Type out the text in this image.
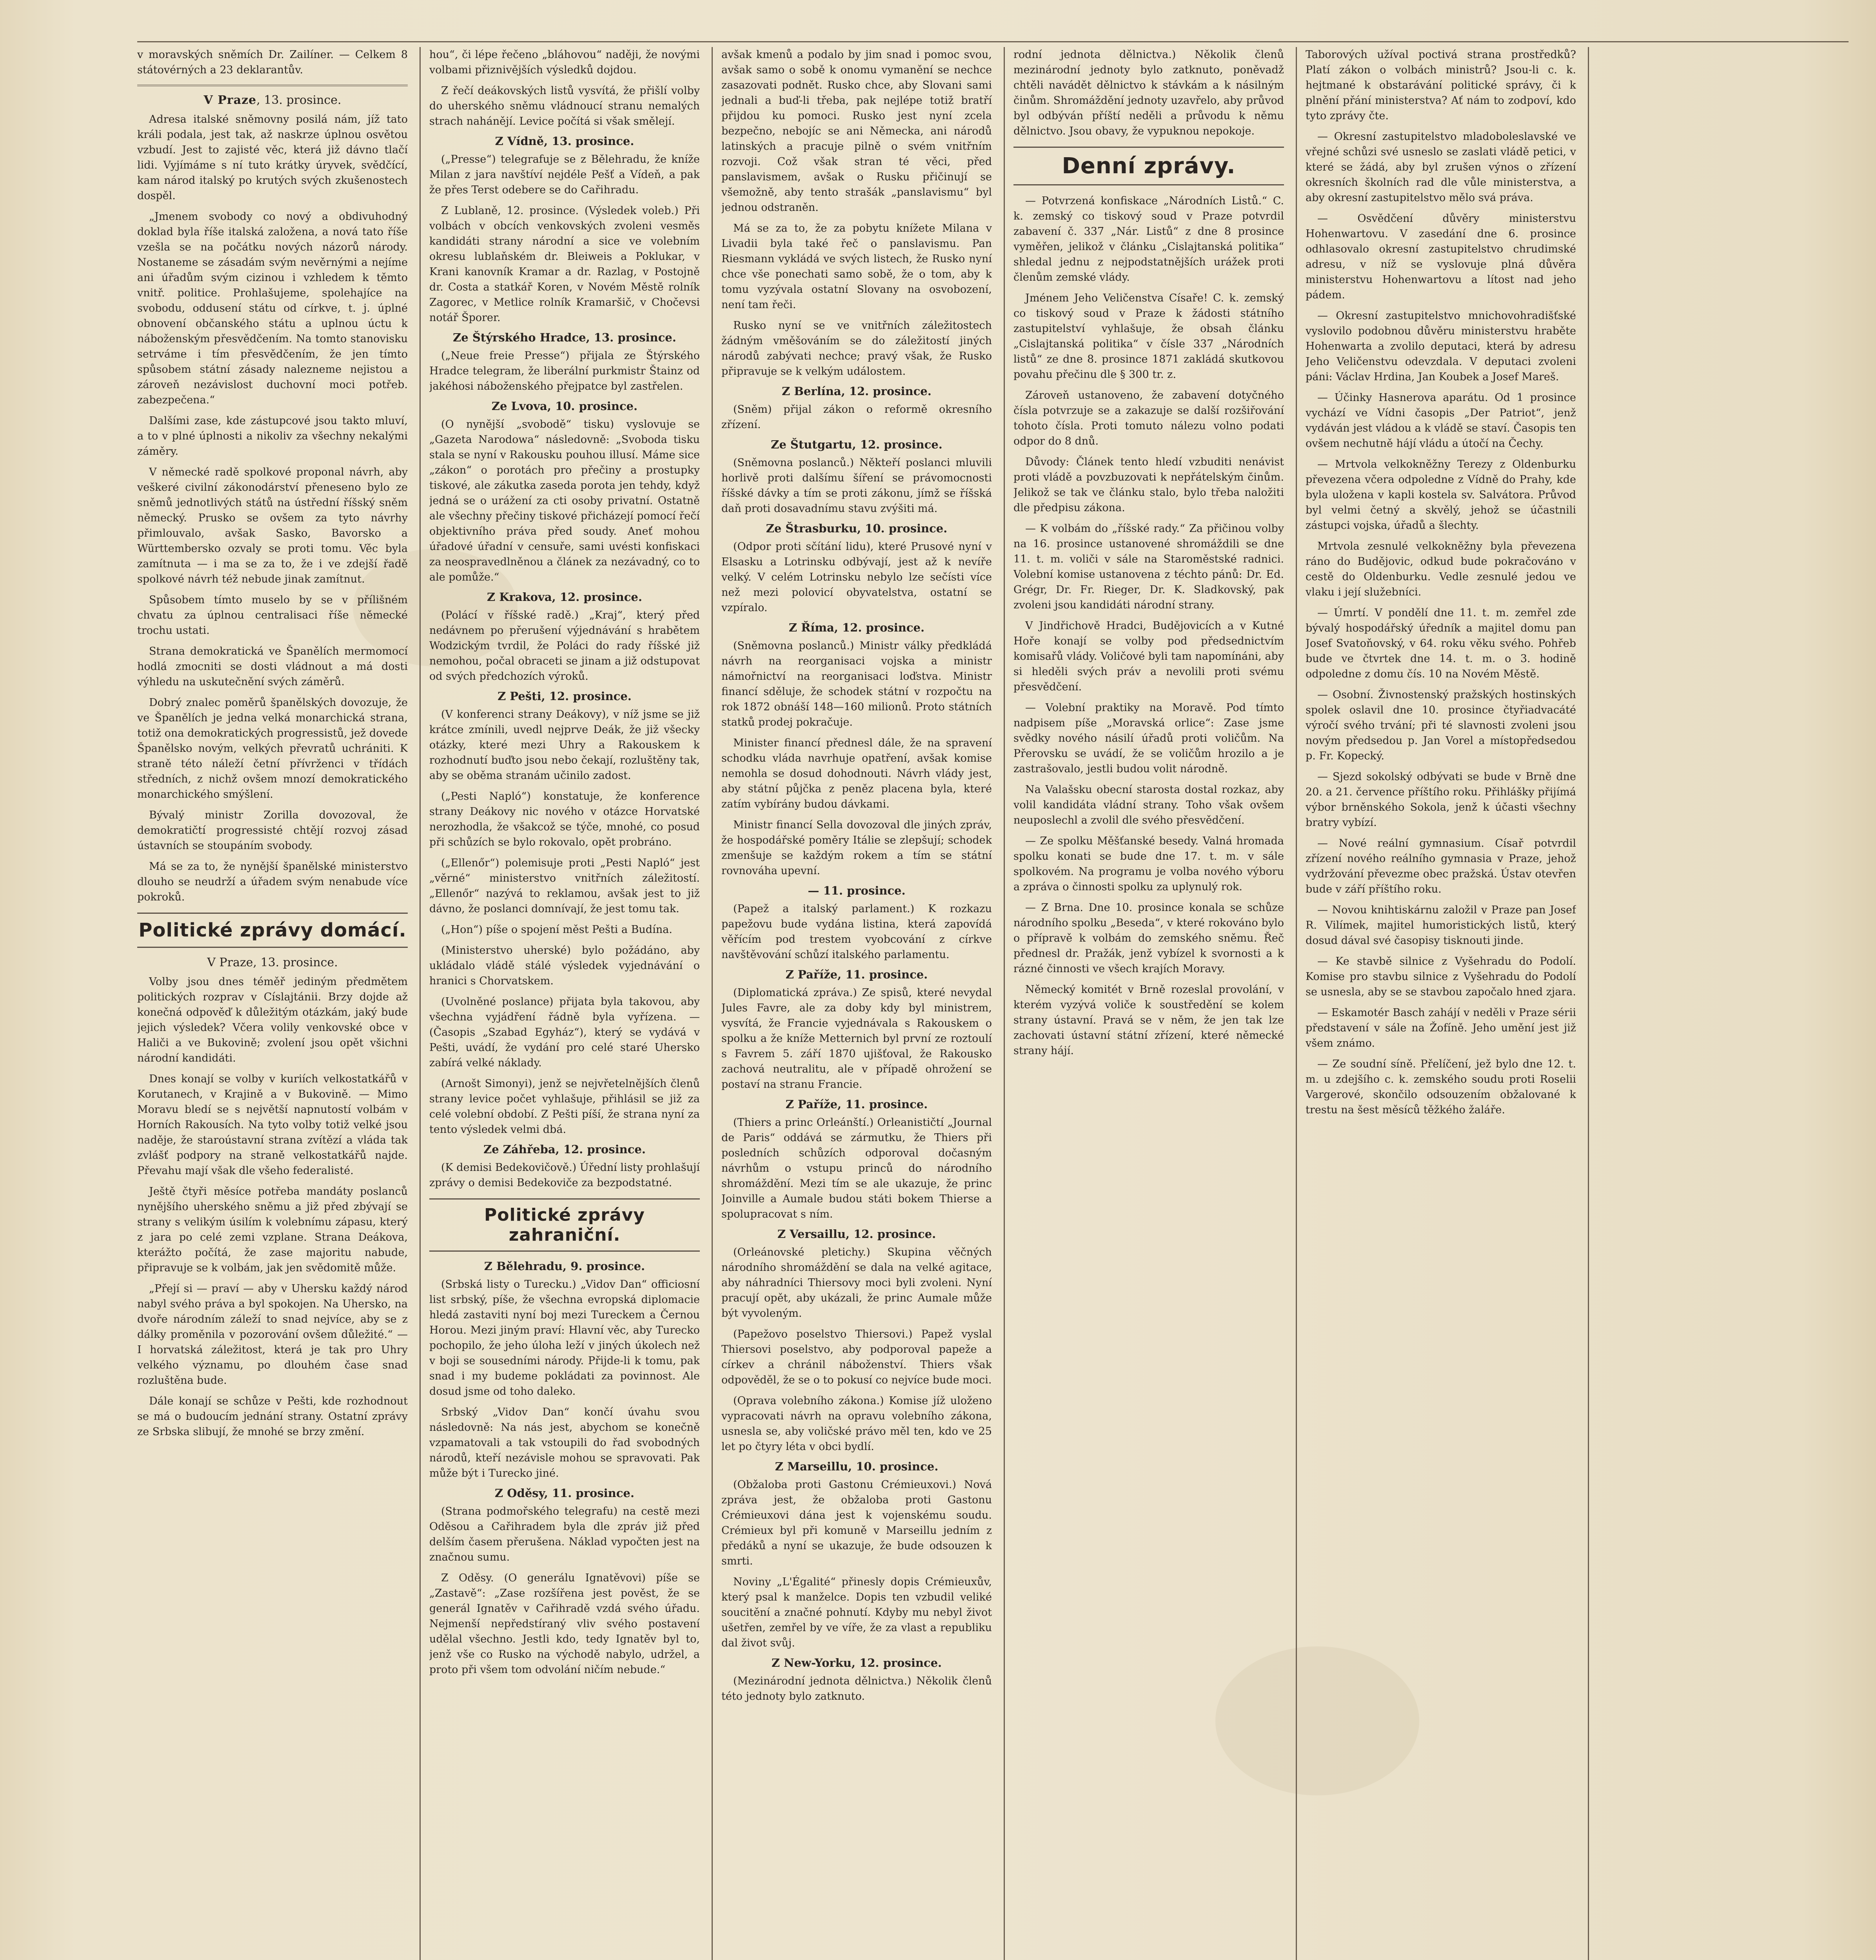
v moravských sněmích Dr. Zailíner. — Celkem 8 státovérných a 23 deklarantův.

V Praze, 13. prosince.

Adresa italské sněmovny posilá nám, jíž tato králi podala, jest tak, až naskrze úplnou osvětou vzbudí. Jest to zajisté věc, která již dávno tlačí lidi. Vyjímáme s ní tuto krátky úryvek, svědčící, kam národ italský po krutých svých zkušenostech dospěl.

„Jmenem svobody co nový a obdivuhodný doklad byla říše italská založena, a nová tato říše vzešla se na počátku nových názorů národy. Nostaneme se zásadám svým nevěrnými a nejíme ani úřadům svým cizinou i vzhledem k těmto vnitř. politice. Prohlašujeme, spolehajíce na svobodu, oddusení státu od církve, t. j. úplné obnovení občanského státu a uplnou úctu k náboženským přesvědčením. Na tomto stanovisku setrváme i tím přesvědčením, že jen tímto spůsobem státní zásady nalezneme nejistou a zároveň nezávislost duchovní moci potřeb. zabezpečena.“

Dalšími zase, kde zástupcové jsou takto mluví, a to v plné úplnosti a nikoliv za všechny nekalými záměry.

V německé radě spolkové proponal návrh, aby veškeré civilní zákonodárství přeneseno bylo ze sněmů jednotlivých států na ústřední říšský sněm německý. Prusko se ovšem za tyto návrhy přimlouvalo, avšak Sasko, Bavorsko a Württembersko ozvaly se proti tomu. Věc byla zamítnuta — i ma se za to, že i ve zdejší řadě spolkové návrh též nebude jinak zamítnut.

Spůsobem tímto muselo by se v přílišném chvatu za úplnou centralisaci říše německé trochu ustati.

Strana demokratická ve Španělích mermomocí hodlá zmocniti se dosti vládnout a má dosti výhledu na uskutečnění svých záměrů.

Dobrý znalec poměrů španělských dovozuje, že ve Španělích je jedna velká monarchická strana, totiž ona demokratických progressistů, jež dovede Španělsko novým, velkých převratů uchrániti. K straně této náleží četní přívrženci v třídách středních, z nichž ovšem mnozí demokratického monarchického smýšlení.

Bývalý ministr Zorilla dovozoval, že demokratičtí progressisté chtějí rozvoj zásad ústavních se stoupáním svobody.

Má se za to, že nynější španělské ministerstvo dlouho se neudrží a úřadem svým nenabude více pokroků.

Politické zprávy domácí.
V Praze, 13. prosince.

Volby jsou dnes téměř jediným předmětem politických rozprav v Císlajtánii. Brzy dojde až konečná odpověď k důležitým otázkám, jaký bude jejich výsledek? Včera volily venkovské obce v Haliči a ve Bukovině; zvolení jsou opět všichni národní kandidáti.

Dnes konají se volby v kuriích velkostatkářů v Korutanech, v Krajině a v Bukovině. — Mimo Moravu bledí se s největší napnutostí volbám v Horních Rakousích. Na tyto volby totiž velké jsou naděje, že staroústavní strana zvítězí a vláda tak zvlášť podpory na straně velkostatkářů najde. Převahu mají však dle všeho federalisté.

Ještě čtyři měsíce potřeba mandáty poslanců nynějšího uherského sněmu a již před zbývají se strany s velikým úsilím k volebnímu zápasu, který z jara po celé zemi vzplane. Strana Deákova, kterážto počítá, že zase majoritu nabude, připravuje se k volbám, jak jen svědomitě může.

„Přejí si — praví — aby v Uhersku každý národ nabyl svého práva a byl spokojen. Na Uhersko, na dvoře národním záleží to snad nejvíce, aby se z dálky proměnila v pozorování ovšem důležité.“ — I horvatská záležitost, která je tak pro Uhry velkého významu, po dlouhém čase snad rozluštěna bude.

Dále konají se schůze v Pešti, kde rozhodnout se má o budoucím jednání strany. Ostatní zprávy ze Srbska slibují, že mnohé se brzy změní.

hou“, či lépe řečeno „bláhovou“ naději, že novými volbami přiznivějších výsledků dojdou.

Z řečí deákovských listů vysvítá, že přišlí volby do uherského sněmu vládnoucí stranu nemalých strach nahánějí. Levice počítá si však smělejí.

Z Vídně, 13. prosince.

(„Presse“) telegrafuje se z Bělehradu, že kníže Milan z jara navštíví nejdéle Pešť a Vídeň, a pak že přes Terst odebere se do Cařihradu.

Z Lublaně, 12. prosince. (Výsledek voleb.) Při volbách v obcích venkovských zvoleni vesměs kandidáti strany národní a sice ve volebním okresu lublaňském dr. Bleiweis a Poklukar, v Krani kanovník Kramar a dr. Razlag, v Postojně dr. Costa a statkář Koren, v Novém Městě rolník Zagorec, v Metlice rolník Kramaršič, v Chočevsi notář Šporer.

Ze Štýrského Hradce, 13. prosince.

(„Neue freie Presse“) přijala ze Štýrského Hradce telegram, že liberální purkmistr Štainz od jakéhosi náboženského přejpatce byl zastřelen.

Ze Lvova, 10. prosince.

(O nynější „svobodě“ tisku) vyslovuje se „Gazeta Narodowa“ následovně: „Svoboda tisku stala se nyní v Rakousku pouhou illusí. Máme sice „zákon“ o porotách pro přečiny a prostupky tiskové, ale zákutka zaseda porota jen tehdy, když jedná se o urážení za cti osoby privatní. Ostatně ale všechny přečiny tiskové přicházejí pomocí řečí objektivního práva před soudy. Aneť mohou úřadové úřadní v censuře, sami uvésti konfiskaci za neospravedlněnou a článek za nezávadný, co to ale pomůže.“

Z Krakova, 12. prosince.

(Polácí v říšské radě.) „Kraj“, který před nedávnem po přerušení výjednávání s hrabětem Wodzickým tvrdil, že Poláci do rady říšské již nemohou, počal obraceti se jinam a již odstupovat od svých předchozích výroků.

Z Pešti, 12. prosince.

(V konferenci strany Deákovy), v níž jsme se již krátce zmínili, uvedl nejprve Deák, že již všecky otázky, které mezi Uhry a Rakouskem k rozhodnutí buďto jsou nebo čekají, rozluštěny tak, aby se oběma stranám učinilo zadost.

(„Pesti Napló“) konstatuje, že konference strany Deákovy nic nového v otázce Horvatské nerozhodla, že všakcož se týče, mnohé, co posud při schůzích se bylo rokovalo, opět probráno.

(„Ellenőr“) polemisuje proti „Pesti Napló“ jest „věrné“ ministerstvo vnitřních záležitostí. „Ellenőr“ nazývá to reklamou, avšak jest to již dávno, že poslanci domnívají, že jest tomu tak.

(„Hon“) píše o spojení měst Pešti a Budína.

(Ministerstvo uherské) bylo požádáno, aby ukládalo vládě stálé výsledek vyjednávání o hranici s Chorvatskem.

(Uvolněné poslance) přijata byla takovou, aby všechna vyjádření řádně byla vyřízena. — (Časopis „Szabad Egyház“), který se vydává v Pešti, uvádí, že vydání pro celé staré Uhersko zabírá velké náklady.

(Arnošt Simonyi), jenž se nejvřetelnějších členů strany levice počet vyhlašuje, přihlásil se již za celé volební období. Z Pešti píší, že strana nyní za tento výsledek velmi dbá.

Ze Záhřeba, 12. prosince.

(K demisi Bedekovičově.) Úřední listy prohlašují zprávy o demisi Bedekoviče za bezpodstatné.

Politické zprávy zahraniční.
Z Bělehradu, 9. prosince.

(Srbská listy o Turecku.) „Vidov Dan“ officiosní list srbský, píše, že všechna evropská diplomacie hledá zastaviti nyní boj mezi Tureckem a Černou Horou. Mezi jiným praví: Hlavní věc, aby Turecko pochopilo, že jeho úloha leží v jiných úkolech než v boji se sousedními národy. Přijde-li k tomu, pak snad i my budeme pokládati za povinnost. Ale dosud jsme od toho daleko.

Srbský „Vidov Dan“ končí úvahu svou následovně: Na nás jest, abychom se konečně vzpamatovali a tak vstoupili do řad svobodných národů, kteří nezávisle mohou se spravovati. Pak může být i Turecko jiné.

Z Oděsy, 11. prosince.

(Strana podmořského telegrafu) na cestě mezi Oděsou a Cařihradem byla dle zpráv již před delším časem přerušena. Náklad vypočten jest na značnou sumu.

Z Oděsy. (O generálu Ignatěvovi) píše se „Zastavě“: „Zase rozšířena jest pověst, že se generál Ignatěv v Cařihradě vzdá svého úřadu. Nejmenší nepředstíraný vliv svého postavení udělal všechno. Jestli kdo, tedy Ignatěv byl to, jenž vše co Rusko na východě nabylo, udržel, a proto při všem tom odvolání ničím nebude.“

avšak kmenů a podalo by jim snad i pomoc svou, avšak samo o sobě k onomu vymanění se nechce zasazovati podnět. Rusko chce, aby Slovani sami jednali a buď-li třeba, pak nejlépe totiž bratří přijdou ku pomoci. Rusko jest nyní zcela bezpečno, nebojíc se ani Německa, ani národů latinských a pracuje pilně o svém vnitřním rozvoji. Což však stran té věci, před panslavismem, avšak o Rusku přičinují se všemožně, aby tento strašák „panslavismu“ byl jednou odstraněn.

Má se za to, že za pobytu knížete Milana v Livadii byla také řeč o panslavismu. Pan Riesmann vykládá ve svých listech, že Rusko nyní chce vše ponechati samo sobě, že o tom, aby k tomu vyzývala ostatní Slovany na osvobození, není tam řeči.

Rusko nyní se ve vnitřních záležitostech žádným vměšováním se do záležitostí jiných národů zabývati nechce; pravý však, že Rusko připravuje se k velkým událostem.

Z Berlína, 12. prosince.

(Sněm) přijal zákon o reformě okresního zřízení.

Ze Štutgartu, 12. prosince.

(Sněmovna poslanců.) Někteří poslanci mluvili horlivě proti dalšímu šíření se právomocnosti říšské dávky a tím se proti zákonu, jímž se říšská daň proti dosavadnímu stavu zvýšiti má.

Ze Štrasburku, 10. prosince.

(Odpor proti sčítání lidu), které Prusové nyní v Elsasku a Lotrinsku odbývají, jest až k nevíře velký. V celém Lotrinsku nebylo lze sečísti více než mezi polovicí obyvatelstva, ostatní se vzpíralo.

Z Říma, 12. prosince.

(Sněmovna poslanců.) Ministr války předkládá návrh na reorganisaci vojska a ministr námořnictví na reorganisaci loďstva. Ministr financí sděluje, že schodek státní v rozpočtu na rok 1872 obnáší 148—160 milionů. Proto státních statků prodej pokračuje.

Minister financí přednesl dále, že na spravení schodku vláda navrhuje opatření, avšak komise nemohla se dosud dohodnouti. Návrh vlády jest, aby státní půjčka z peněz placena byla, které zatím vybírány budou dávkami.

Ministr financí Sella dovozoval dle jiných zpráv, že hospodářské poměry Itálie se zlepšují; schodek zmenšuje se každým rokem a tím se státní rovnováha upevní.

— 11. prosince.

(Papež a italský parlament.) K rozkazu papežovu bude vydána listina, která zapovídá věřícím pod trestem vyobcování z církve navštěvování schůzí italského parlamentu.

Z Paříže, 11. prosince.

(Diplomatická zpráva.) Ze spisů, které nevydal Jules Favre, ale za doby kdy byl ministrem, vysvítá, že Francie vyjednávala s Rakouskem o spolku a že kníže Metternich byl první ze roztoulí s Favrem 5. září 1870 ujišťoval, že Rakousko zachová neutralitu, ale v případě ohrožení se postaví na stranu Francie.

Z Paříže, 11. prosince.

(Thiers a princ Orleánští.) Orleanističtí „Journal de Paris“ oddává se zármutku, že Thiers při posledních schůzích odporoval dočasným návrhům o vstupu princů do národního shromáždění. Mezi tím se ale ukazuje, že princ Joinville a Aumale budou státi bokem Thierse a spolupracovat s ním.

Z Versaillu, 12. prosince.

(Orleánovské pletichy.) Skupina věčných národního shromáždění se dala na velké agitace, aby náhradníci Thiersovy moci byli zvoleni. Nyní pracují opět, aby ukázali, že princ Aumale může být vyvoleným.

(Papežovo poselstvo Thiersovi.) Papež vyslal Thiersovi poselstvo, aby podporoval papeže a církev a chránil náboženství. Thiers však odpověděl, že se o to pokusí co nejvíce bude moci.

(Oprava volebního zákona.) Komise jíž uloženo vypracovati návrh na opravu volebního zákona, usnesla se, aby voličské právo měl ten, kdo ve 25 let po čtyry léta v obci bydlí.

Z Marseillu, 10. prosince.

(Obžaloba proti Gastonu Crémieuxovi.) Nová zpráva jest, že obžaloba proti Gastonu Crémieuxovi dána jest k vojenskému soudu. Crémieux byl při komuně v Marseillu jedním z předáků a nyní se ukazuje, že bude odsouzen k smrti.

Noviny „L'Égalité“ přinesly dopis Crémieuxův, který psal k manželce. Dopis ten vzbudil veliké soucitění a značné pohnutí. Kdyby mu nebyl život ušetřen, zemřel by ve víře, že za vlast a republiku dal život svůj.

Z New-Yorku, 12. prosince.

(Mezinárodní jednota dělnictva.) Několik členů této jednoty bylo zatknuto.

rodní jednota dělnictva.) Několik členů mezinárodní jednoty bylo zatknuto, poněvadž chtěli navádět dělnictvo k stávkám a k násilným činům. Shromáždění jednoty uzavřelo, aby průvod byl odbýván příští neděli a průvodu k němu dělnictvo. Jsou obavy, že vypuknou nepokoje.

Denní zprávy.

— Potvrzená konfiskace „Národních Listů.“ C. k. zemský co tiskový soud v Praze potvrdil zabavení č. 337 „Nár. Listů“ z dne 8 prosince vyměřen, jelikož v článku „Cislajtanská politika“ shledal jednu z nejpodstatnějších urážek proti členům zemské vlády.

Jménem Jeho Veličenstva Císaře! C. k. zemský co tiskový soud v Praze k žádosti státního zastupitelství vyhlašuje, že obsah článku „Cislajtanská politika“ v čísle 337 „Národních listů“ ze dne 8. prosince 1871 zakládá skutkovou povahu přečinu dle § 300 tr. z.

Zároveň ustanoveno, že zabavení dotyčného čísla potvrzuje se a zakazuje se další rozšiřování tohoto čísla. Proti tomuto nálezu volno podati odpor do 8 dnů.

Důvody: Článek tento hledí vzbuditi nenávist proti vládě a povzbuzovati k nepřátelským činům. Jelikož se tak ve článku stalo, bylo třeba naložiti dle předpisu zákona.

— K volbám do „říšské rady.“ Za přičinou volby na 16. prosince ustanovené shromáždili se dne 11. t. m. voliči v sále na Staroměstské radnici. Volební komise ustanovena z téchto pánů: Dr. Ed. Grégr, Dr. Fr. Rieger, Dr. K. Sladkovský, pak zvoleni jsou kandidáti národní strany.

V Jindřichově Hradci, Budějovicích a v Kutné Hoře konají se volby pod předsednictvím komisařů vlády. Voličové byli tam napomínáni, aby si hleděli svých práv a nevolili proti svému přesvědčení.

— Volební praktiky na Moravě. Pod tímto nadpisem píše „Moravská orlice“: Zase jsme svědky nového násilí úřadů proti voličům. Na Přerovsku se uvádí, že se voličům hrozilo a je zastrašovalo, jestli budou volit národně.

Na Valašsku obecní starosta dostal rozkaz, aby volil kandidáta vládní strany. Toho však ovšem neuposlechl a zvolil dle svého přesvědčení.

— Ze spolku Měšťanské besedy. Valná hromada spolku konati se bude dne 17. t. m. v sále spolkovém. Na programu je volba nového výboru a zpráva o činnosti spolku za uplynulý rok.

— Z Brna. Dne 10. prosince konala se schůze národního spolku „Beseda“, v které rokováno bylo o přípravě k volbám do zemského sněmu. Řeč přednesl dr. Pražák, jenž vybízel k svornosti a k rázné činnosti ve všech krajích Moravy.

Německý komitét v Brně rozeslal provolání, v kterém vyzývá voliče k soustředění se kolem strany ústavní. Pravá se v něm, že jen tak lze zachovati ústavní státní zřízení, které německé strany hájí.

Taborových užíval poctivá strana prostředků? Platí zákon o volbách ministrů? Jsou-li c. k. hejtmané k obstarávání politické správy, či k plnění přání ministerstva? Ať nám to zodpoví, kdo tyto zprávy čte.

— Okresní zastupitelstvo mladoboleslavské ve vřejné schůzi své usneslo se zaslati vládě petici, v které se žádá, aby byl zrušen výnos o zřízení okresních školních rad dle vůle ministerstva, a aby okresní zastupitelstvo mělo svá práva.

— Osvědčení důvěry ministerstvu Hohenwartovu. V zasedání dne 6. prosince odhlasovalo okresní zastupitelstvo chrudimské adresu, v níž se vyslovuje plná důvěra ministerstvu Hohenwartovu a lítost nad jeho pádem.

— Okresní zastupitelstvo mnichovohradišťské vyslovilo podobnou důvěru ministerstvu hraběte Hohenwarta a zvolilo deputaci, která by adresu Jeho Veličenstvu odevzdala. V deputaci zvoleni páni: Václav Hrdina, Jan Koubek a Josef Mareš.

— Účinky Hasnerova aparátu. Od 1 prosince vychází ve Vídni časopis „Der Patriot“, jenž vydáván jest vládou a k vládě se staví. Časopis ten ovšem nechutně hájí vládu a útočí na Čechy.

— Mrtvola velkokněžny Terezy z Oldenburku převezena včera odpoledne z Vídně do Prahy, kde byla uložena v kapli kostela sv. Salvátora. Průvod byl velmi četný a skvělý, jehož se účastnili zástupci vojska, úřadů a šlechty.

Mrtvola zesnulé velkokněžny byla převezena ráno do Budějovic, odkud bude pokračováno v cestě do Oldenburku. Vedle zesnulé jedou ve vlaku i její služebníci.

— Úmrtí. V pondělí dne 11. t. m. zemřel zde bývalý hospodářský úředník a majitel domu pan Josef Svatoňovský, v 64. roku věku svého. Pohřeb bude ve čtvrtek dne 14. t. m. o 3. hodině odpoledne z domu čís. 10 na Novém Městě.

— Osobní. Živnostenský pražských hostinských spolek oslavil dne 10. prosince čtyřiadvacáté výročí svého trvání; při té slavnosti zvoleni jsou novým předsedou p. Jan Vorel a místopředsedou p. Fr. Kopecký.

— Sjezd sokolský odbývati se bude v Brně dne 20. a 21. července příštího roku. Přihlášky přijímá výbor brněnského Sokola, jenž k účasti všechny bratry vybízí.

— Nové reální gymnasium. Císař potvrdil zřízení nového reálního gymnasia v Praze, jehož vydržování převezme obec pražská. Ústav otevřen bude v září příštího roku.

— Novou knihtiskárnu založil v Praze pan Josef R. Vilímek, majitel humoristických listů, který dosud dával své časopisy tisknouti jinde.

— Ke stavbě silnice z Vyšehradu do Podolí. Komise pro stavbu silnice z Vyšehradu do Podolí se usnesla, aby se se stavbou započalo hned zjara.

— Eskamotér Basch zahájí v neděli v Praze sérii představení v sále na Žofíně. Jeho umění jest již všem známo.

— Ze soudní síně. Přelíčení, jež bylo dne 12. t. m. u zdejšího c. k. zemského soudu proti Roselii Vargerové, skončilo odsouzením obžalované k trestu na šest měsíců těžkého žaláře.
